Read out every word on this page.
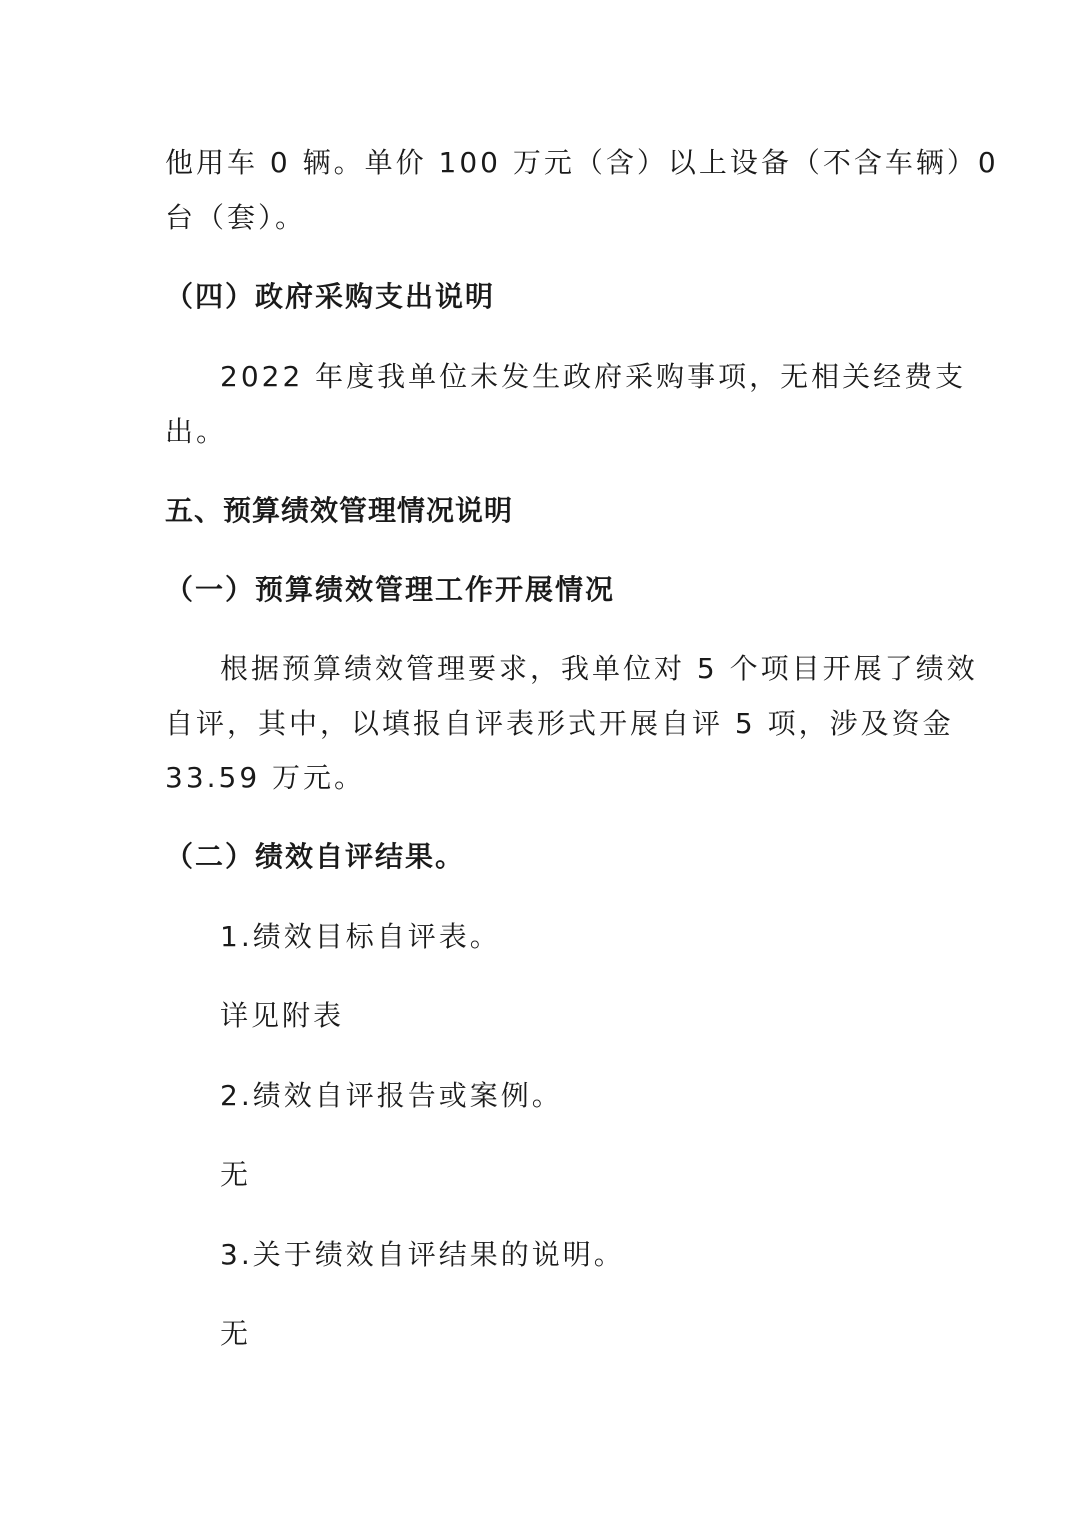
他用车 0 辆。单价 100 万元（含）以上设备（不含车辆）0
台（套）。
（四）政府采购支出说明
2022 年度我单位未发生政府采购事项，无相关经费支
出。
五、预算绩效管理情况说明
（一）预算绩效管理工作开展情况
根据预算绩效管理要求，我单位对 5 个项目开展了绩效
自评，其中，以填报自评表形式开展自评 5 项，涉及资金
33.59 万元。
（二）绩效自评结果。
1.绩效目标自评表。
详见附表
2.绩效自评报告或案例。
无
3.关于绩效自评结果的说明。
无
